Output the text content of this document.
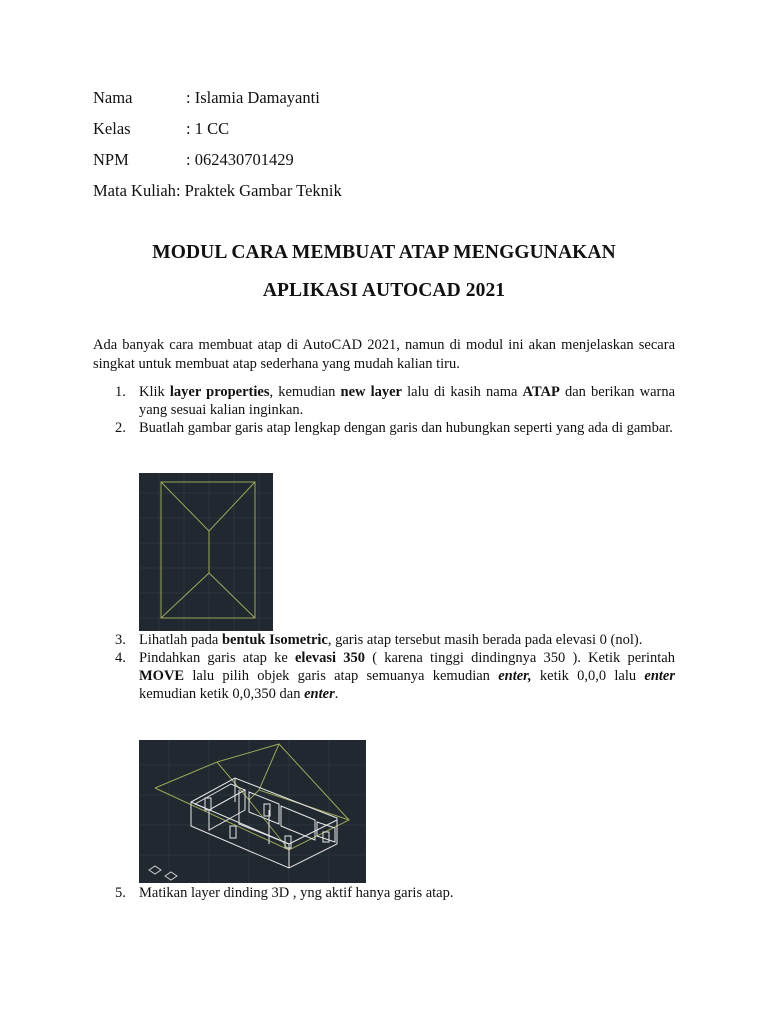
Nama	: Islamia Damayanti
Kelas	: 1 CC
NPM	: 062430701429
Mata Kuliah: Praktek Gambar Teknik
MODUL CARA MEMBUAT ATAP MENGGUNAKAN
APLIKASI AUTOCAD 2021
Ada banyak cara membuat atap di AutoCAD 2021, namun di modul ini akan menjelaskan secara singkat untuk membuat atap sederhana yang mudah kalian tiru.
1. Klik layer properties, kemudian new layer lalu di kasih nama ATAP dan berikan warna yang sesuai kalian inginkan.
2. Buatlah gambar garis atap lengkap dengan garis dan hubungkan seperti yang ada di gambar.
3. Lihatlah pada bentuk Isometric, garis atap tersebut masih berada pada elevasi 0 (nol).
4. Pindahkan garis atap ke elevasi 350 ( karena tinggi dindingnya 350 ). Ketik perintah MOVE lalu pilih objek garis atap semuanya kemudian enter, ketik 0,0,0 lalu enter kemudian ketik 0,0,350 dan enter.
5. Matikan layer dinding 3D , yng aktif hanya garis atap.
